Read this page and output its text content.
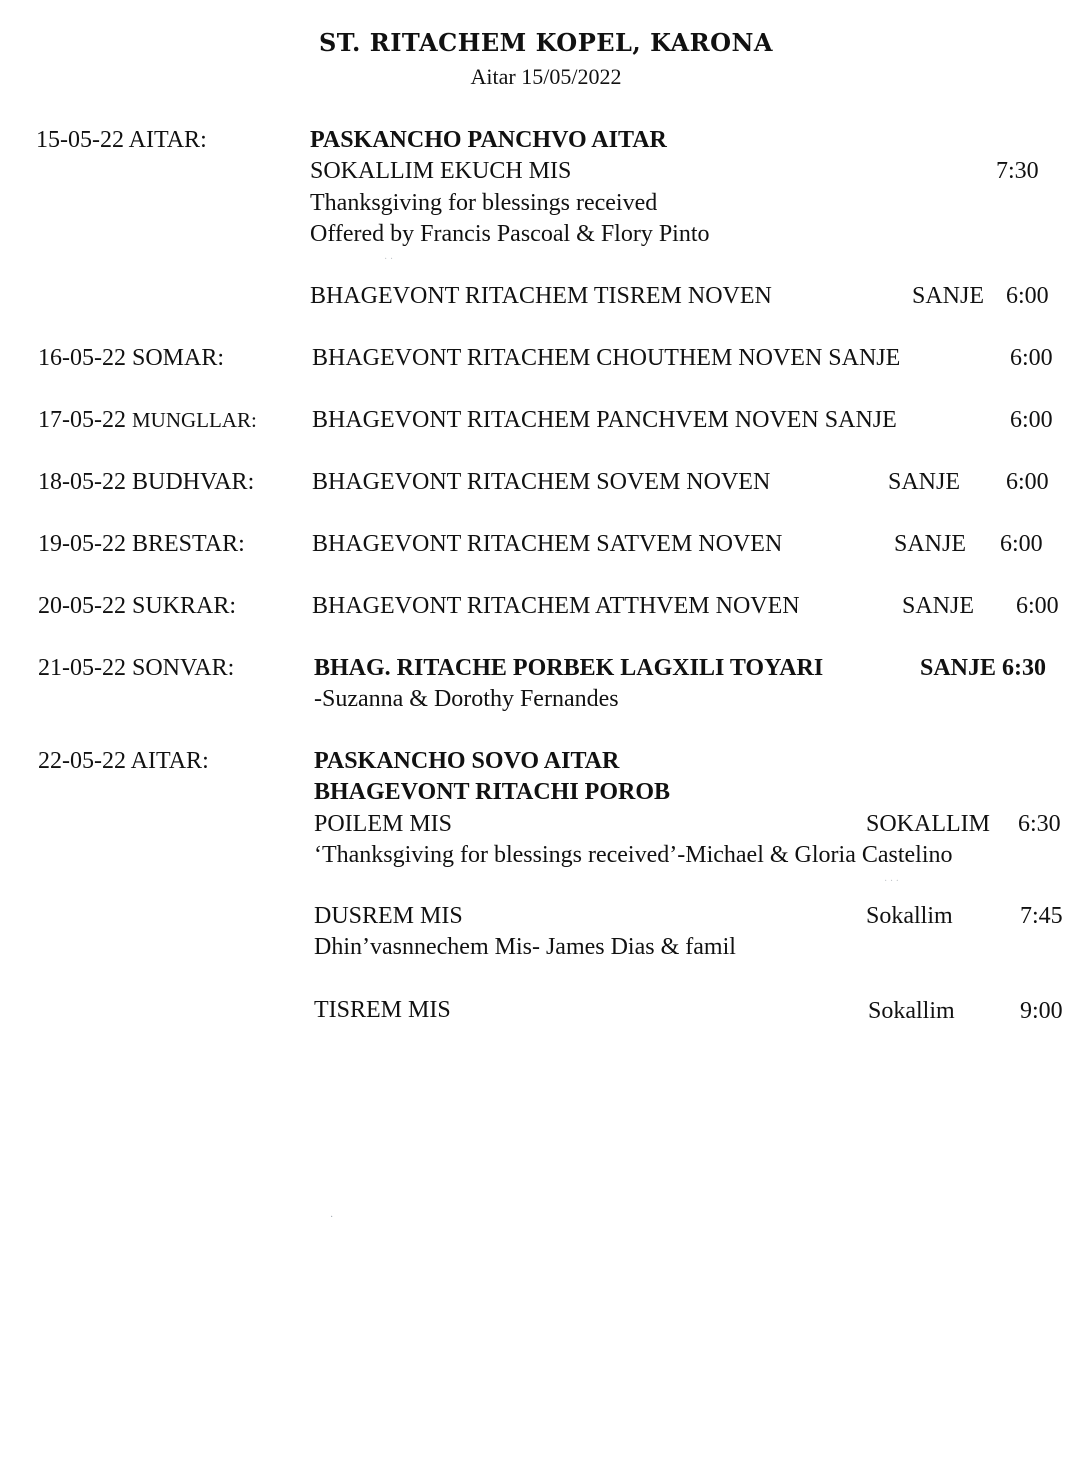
ST. RITACHEM KOPEL, KARONA
Aitar 15/05/2022
15-05-22 AITAR:	PASKANCHO PANCHVO AITAR
SOKALLIM EKUCH MIS	7:30
Thanksgiving for blessings received
Offered by Francis Pascoal & Flory Pinto
BHAGEVONT RITACHEM TISREM NOVEN	SANJE 6:00
16-05-22 SOMAR:	BHAGEVONT RITACHEM CHOUTHEM NOVEN SANJE	6:00
17-05-22 MUNGLLAR: BHAGEVONT RITACHEM PANCHVEM NOVEN SANJE	6:00
18-05-22 BUDHVAR: BHAGEVONT RITACHEM SOVEM NOVEN	SANJE 6:00
19-05-22 BRESTAR:	BHAGEVONT RITACHEM SATVEM NOVEN	SANJE 6:00
20-05-22 SUKRAR:	BHAGEVONT RITACHEM ATTHVEM NOVEN	SANJE 6:00
21-05-22 SONVAR:	BHAG. RITACHE PORBEK LAGXILI TOYARI	SANJE 6:30
-Suzanna & Dorothy Fernandes
22-05-22 AITAR:	PASKANCHO SOVO AITAR
BHAGEVONT RITACHI POROB
POILEM MIS	SOKALLIM 6:30
‘Thanksgiving for blessings received’-Michael & Gloria Castelino
DUSREM MIS	Sokallim	7:45
Dhin’vasnnechem Mis- James Dias & famil
TISREM MIS	Sokallim	9:00
· ·
· · ·
·
